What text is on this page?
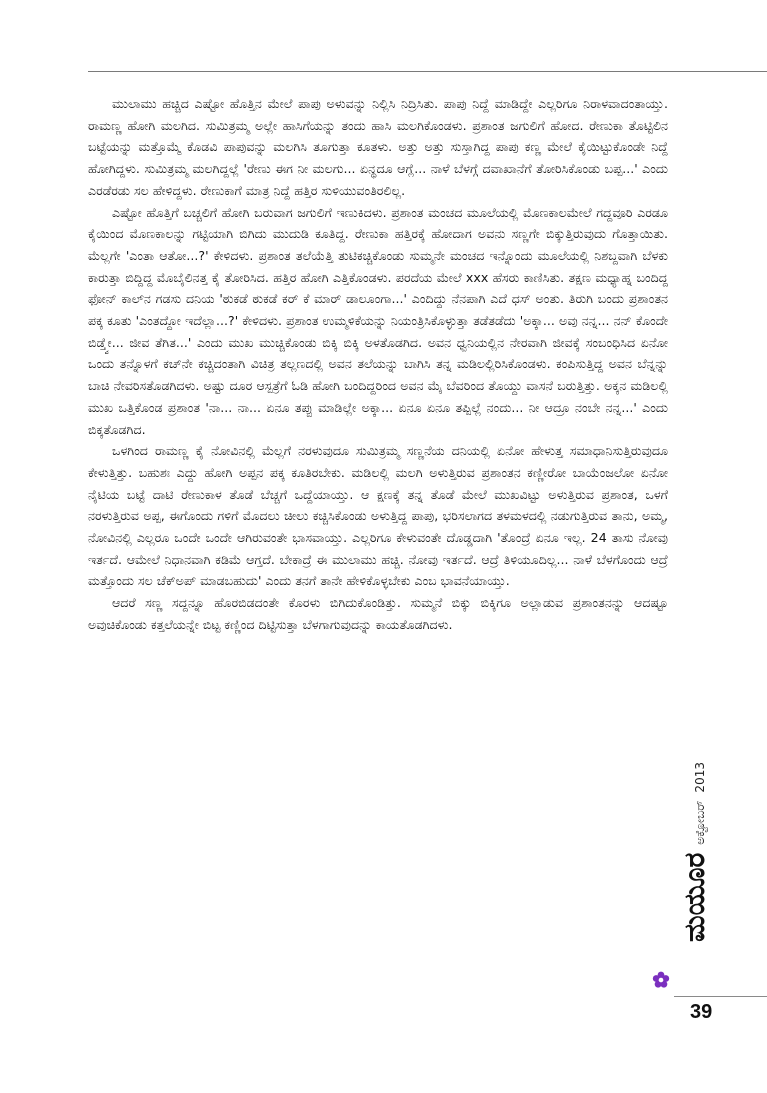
ಮುಲಾಮು ಹಚ್ಚಿದ ಎಷ್ಟೋ ಹೊತ್ತಿನ ಮೇಲೆ ಪಾಪು ಅಳುವನ್ನು ನಿಲ್ಲಿಸಿ ನಿದ್ರಿಸಿತು. ಪಾಪು ನಿದ್ದೆ ಮಾಡಿದ್ದೇ ಎಲ್ಲರಿಗೂ ನಿರಾಳವಾದಂತಾಯ್ತು. ರಾಮಣ್ಣ ಹೋಗಿ ಮಲಗಿದ. ಸುಮಿತ್ರಮ್ಮ ಅಲ್ಲೇ ಹಾಸಿಗೆಯನ್ನು ತಂದು ಹಾಸಿ ಮಲಗಿಕೊಂಡಳು. ಪ್ರಶಾಂತ ಜಗುಲಿಗೆ ಹೋದ. ರೇಣುಕಾ ತೊಟ್ಟಿಲಿನ ಬಟ್ಟೆಯನ್ನು ಮತ್ತೊಮ್ಮೆ ಕೊಡವಿ ಪಾಪುವನ್ನು ಮಲಗಿಸಿ ತೂಗುತ್ತಾ ಕೂತಳು. ಅತ್ತು ಅತ್ತು ಸುಸ್ತಾಗಿದ್ದ ಪಾಪು ಕಣ್ಣ ಮೇಲೆ ಕೈಯಿಟ್ಟುಕೊಂಡೇ ನಿದ್ದೆ ಹೋಗಿದ್ದಳು. ಸುಮಿತ್ರಮ್ಮ ಮಲಗಿದ್ದಲ್ಲೆ 'ರೇಣು ಈಗ ನೀ ಮಲಗು... ಏನ್ಥದೂ ಆಗ್ಲೆ... ನಾಳೆ ಬೆಳಗ್ಗೆ ದವಾಖಾನೆಗೆ ತೋರಿಸಿಕೊಂಡು ಬಪ್ಪ...' ಎಂದು ಎರಡೆರಡು ಸಲ ಹೇಳಿದ್ದಳು. ರೇಣುಕಾಗೆ ಮಾತ್ರ ನಿದ್ದೆ ಹತ್ತಿರ ಸುಳಿಯುವಂತಿರಲಿಲ್ಲ.

ಎಷ್ಟೋ ಹೊತ್ತಿಗೆ ಬಚ್ಚಲಿಗೆ ಹೋಗಿ ಬರುವಾಗ ಜಗುಲಿಗೆ ಇಣುಕಿದಳು. ಪ್ರಶಾಂತ ಮಂಚದ ಮೂಲೆಯಲ್ಲಿ ಮೊಣಕಾಲಮೇಲೆ ಗದ್ದವೂರಿ ಎರಡೂ ಕೈಯಿಂದ ಮೊಣಕಾಲನ್ನು ಗಟ್ಟಿಯಾಗಿ ಬಿಗಿದು ಮುದುಡಿ ಕೂತಿದ್ದ. ರೇಣುಕಾ ಹತ್ತಿರಕ್ಕೆ ಹೋದಾಗ ಅವನು ಸಣ್ಣಗೇ ಬಿಕ್ಕುತ್ತಿರುವುದು ಗೊತ್ತಾಯಿತು. ಮೆಲ್ಲಗೇ 'ಎಂತಾ ಆತೋ...?' ಕೇಳಿದಳು. ಪ್ರಶಾಂತ ತಲೆಯೆತ್ತಿ ತುಟಿಕಚ್ಚಿಕೊಂಡು ಸುಮ್ಮನೇ ಮಂಚದ ಇನ್ನೊಂದು ಮೂಲೆಯಲ್ಲಿ ನಿಶಬ್ದವಾಗಿ ಬೆಳಕು ಕಾರುತ್ತಾ ಬಿದ್ದಿದ್ದ ಮೊಬೈಲಿನತ್ತ ಕೈ ತೋರಿಸಿದ. ಹತ್ತಿರ ಹೋಗಿ ಎತ್ತಿಕೊಂಡಳು. ಪರದೆಯ ಮೇಲೆ xxx ಹೆಸರು ಕಾಣಿಸಿತು. ತಕ್ಷಣ ಮಧ್ಯಾಹ್ನ ಬಂದಿದ್ದ ಫೋನ್ ಕಾಲ್‌ನ ಗಡಸು ದನಿಯ 'ಠುಕಡೆ ಠುಕಡೆ ಕರ್ ಕೆ ಮಾರ್ ಡಾಲೂಂಗಾ...' ಎಂದಿದ್ದು ನೆನಪಾಗಿ ಎದೆ ಧಸ್ ಅಂತು. ತಿರುಗಿ ಬಂದು ಪ್ರಶಾಂತನ ಪಕ್ಕ ಕೂತು 'ಎಂತದ್ದೋ ಇದೆಲ್ಲಾ...?' ಕೇಳಿದಳು. ಪ್ರಶಾಂತ ಉಮ್ಮಳಿಕೆಯನ್ನು ನಿಯಂತ್ರಿಸಿಕೊಳ್ಳುತ್ತಾ ತಡೆತಡೆದು 'ಅಕ್ಕಾ... ಅವು ನನ್ನ... ನನ್ ಕೊಂದೇ ಬಿಡ್ತ್ವೇ... ಜೀವ ತೆಗಿತ...' ಎಂದು ಮುಖ ಮುಚ್ಚಿಕೊಂಡು ಬಿಕ್ಕಿ ಬಿಕ್ಕಿ ಅಳತೊಡಗಿದ. ಅವನ ಧ್ವನಿಯಲ್ಲಿನ ನೇರವಾಗಿ ಜೀವಕ್ಕೆ ಸಂಬಂಧಿಸಿದ ಏನೋ ಒಂದು ತನ್ನೊಳಗೆ ಕಚ್‌ನೇ ಕಚ್ಚಿದಂತಾಗಿ ವಿಚಿತ್ರ ತಲ್ಲಣದಲ್ಲಿ ಅವನ ತಲೆಯನ್ನು ಬಾಗಿಸಿ ತನ್ನ ಮಡಿಲಲ್ಲಿರಿಸಿಕೊಂಡಳು. ಕಂಪಿಸುತ್ತಿದ್ದ ಅವನ ಬೆನ್ನನ್ನು ಬಾಚಿ ನೇವರಿಸತೊಡಗಿದಳು. ಅಷ್ಟು ದೂರ ಆಸ್ಪತ್ರೆಗೆ ಓಡಿ ಹೋಗಿ ಬಂದಿದ್ದರಿಂದ ಅವನ ಮೈ ಬೆವರಿಂದ ತೊಯ್ದು ವಾಸನೆ ಬರುತ್ತಿತ್ತು. ಅಕ್ಕನ ಮಡಿಲಲ್ಲಿ ಮುಖ ಒತ್ತಿಕೊಂಡ ಪ್ರಶಾಂತ 'ನಾ... ನಾ... ಏನೂ ತಪ್ಪು ಮಾಡಿಲ್ಲೇ ಅಕ್ಕಾ... ಏನೂ ಏನೂ ತಪ್ಪಿಲ್ಲೆ ನಂದು... ನೀ ಆದ್ರೂ ನಂಬೇ ನನ್ನ...' ಎಂದು ಬಿಕ್ಕತೊಡಗಿದ.

ಒಳಗಿಂದ ರಾಮಣ್ಣ ಕೈ ನೋವಿನಲ್ಲಿ ಮೆಲ್ಲಗೆ ನರಳುವುದೂ ಸುಮಿತ್ರಮ್ಮ ಸಣ್ಣನೆಯ ದನಿಯಲ್ಲಿ ಏನೋ ಹೇಳುತ್ತ ಸಮಾಧಾನಿಸುತ್ತಿರುವುದೂ ಕೇಳುತ್ತಿತ್ತು. ಬಹುಶಃ ಎದ್ದು ಹೋಗಿ ಅಪ್ಪನ ಪಕ್ಕ ಕೂತಿರಬೇಕು. ಮಡಿಲಲ್ಲಿ ಮಲಗಿ ಅಳುತ್ತಿರುವ ಪ್ರಶಾಂತನ ಕಣ್ಣೀರೋ ಬಾಯೆಂಜಲೋ ಏನೋ ನೈಟಿಯ ಬಟ್ಟೆ ದಾಟಿ ರೇಣುಕಾಳ ತೊಡೆ ಬೆಚ್ಚಗೆ ಒದ್ದೆಯಾಯ್ತು. ಆ ಕ್ಷಣಕ್ಕೆ ತನ್ನ ತೊಡೆ ಮೇಲೆ ಮುಖವಿಟ್ಟು ಅಳುತ್ತಿರುವ ಪ್ರಶಾಂತ, ಒಳಗೆ ನರಳುತ್ತಿರುವ ಅಪ್ಪ, ಈಗೊಂದು ಗಳಿಗೆ ಮೊದಲು ಚೀಲು ಕಚ್ಚಿಸಿಕೊಂಡು ಅಳುತ್ತಿದ್ದ ಪಾಪು, ಭರಿಸಲಾಗದ ತಳಮಳದಲ್ಲಿ ನಡುಗುತ್ತಿರುವ ತಾನು, ಅಮ್ಮ, ನೋವಿನಲ್ಲಿ ಎಲ್ಲರೂ ಒಂದೇ ಒಂದೇ ಆಗಿರುವಂತೇ ಭಾಸವಾಯ್ತು. ಎಲ್ಲರಿಗೂ ಕೇಳುವಂತೇ ದೊಡ್ಡದಾಗಿ 'ತೊಂದ್ರೆ ಏನೂ ಇಲ್ಲ. 24 ತಾಸು ನೋವು ಇರ್ತದೆ. ಆಮೇಲೆ ನಿಧಾನವಾಗಿ ಕಡಿಮೆ ಆಗ್ತದೆ. ಬೇಕಾದ್ರೆ ಈ ಮುಲಾಮು ಹಚ್ಚಿ. ನೋವು ಇರ್ತದೆ. ಆದ್ರೆ ತಿಳಿಯೂದಿಲ್ಲ... ನಾಳೆ ಬೆಳಗೊಂದು ಆದ್ರೆ ಮತ್ತೊಂದು ಸಲ ಚೆಕ್‌ಅಪ್ ಮಾಡಬಹುದು' ಎಂದು ತನಗೆ ತಾನೇ ಹೇಳಿಕೊಳ್ಳಬೇಕು ಎಂಬ ಭಾವನೆಯಾಯ್ತು.

ಆದರೆ ಸಣ್ಣ ಸದ್ದನ್ನೂ ಹೊರಬಿಡದಂತೇ ಕೊರಳು ಬಿಗಿದುಕೊಂಡಿತ್ತು. ಸುಮ್ಮನೆ ಬಿಕ್ಕು ಬಿಕ್ಕಿಗೂ ಅಲ್ಲಾಡುವ ಪ್ರಶಾಂತನನ್ನು ಆದಷ್ಟೂ ಅವುಚಿಕೊಂಡು ಕತ್ತಲೆಯನ್ನೇ ಬಿಟ್ಟ ಕಣ್ಣಿಂದ ದಿಟ್ಟಿಸುತ್ತಾ ಬೆಳಗಾಗುವುದನ್ನು ಕಾಯತೊಡಗಿದಳು.

ಮಯೂರ
ಅಕ್ಟೋಬರ್
2013
39
